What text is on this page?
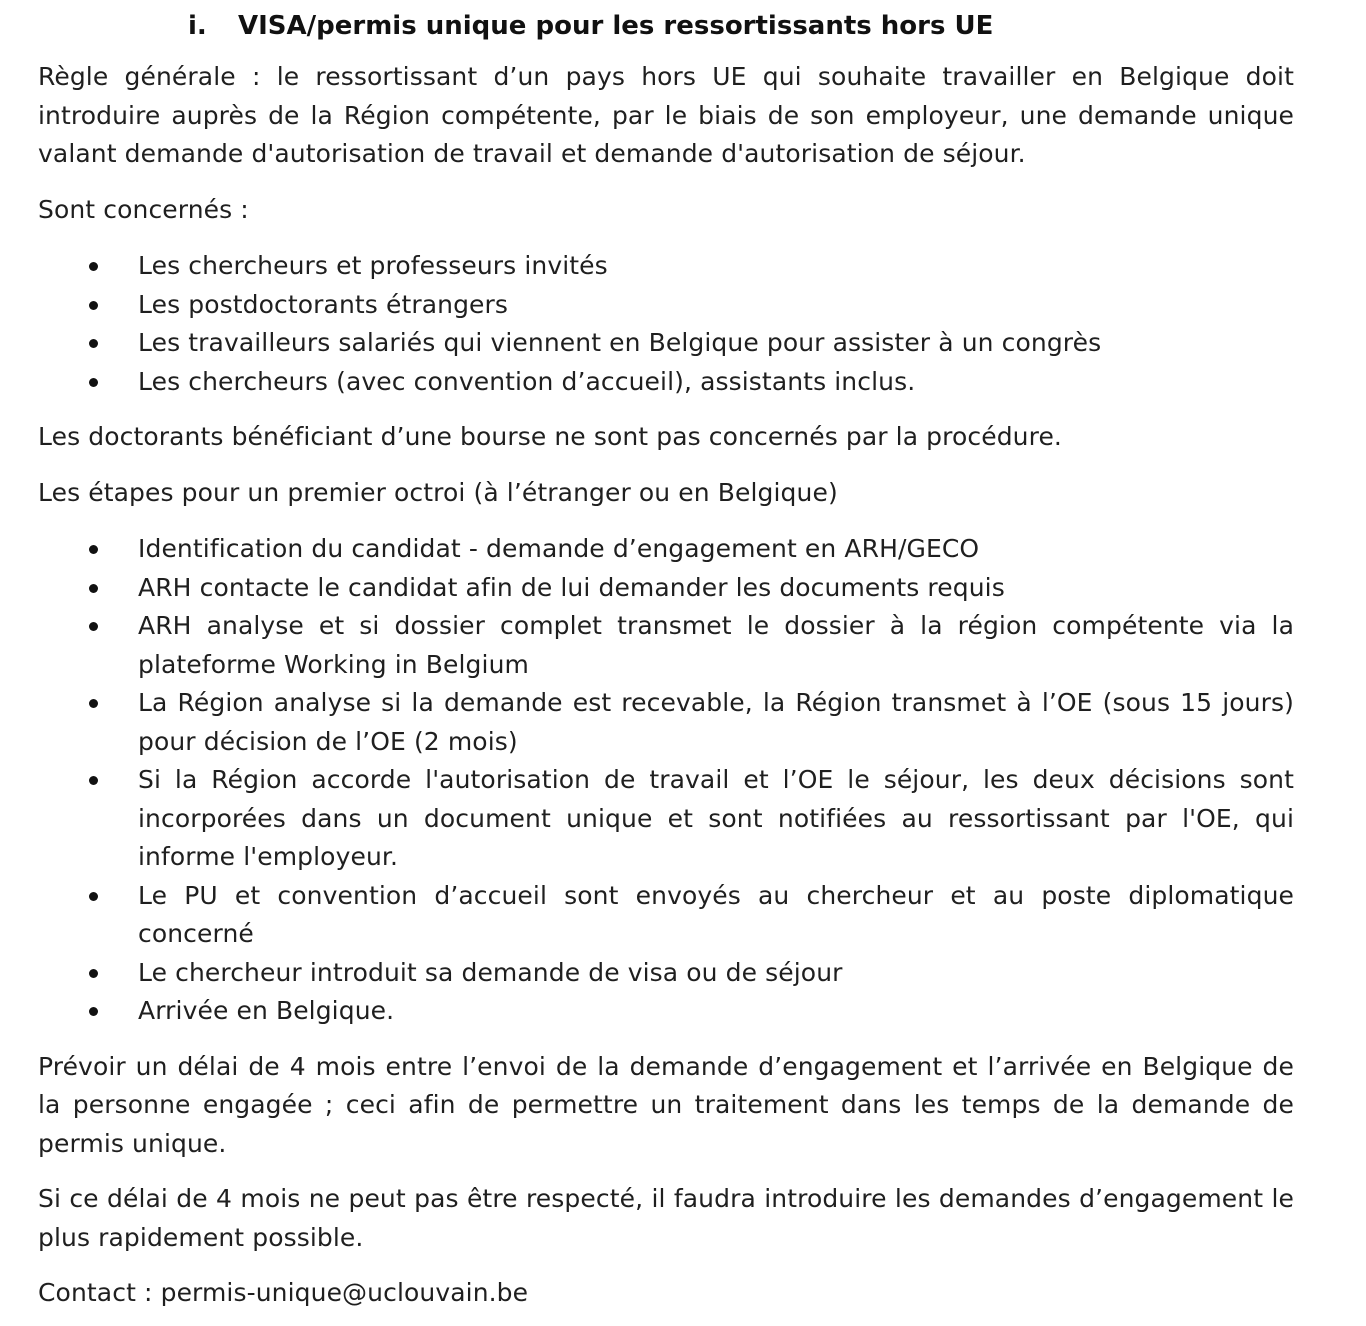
i.	VISA/permis unique pour les ressortissants hors UE

Règle générale : le ressortissant d’un pays hors UE qui souhaite travailler en Belgique doit introduire auprès de la Région compétente, par le biais de son employeur, une demande unique valant demande d'autorisation de travail et demande d'autorisation de séjour.

Sont concernés :

Les chercheurs et professeurs invités
Les postdoctorants étrangers
Les travailleurs salariés qui viennent en Belgique pour assister à un congrès
Les chercheurs (avec convention d’accueil), assistants inclus.

Les doctorants bénéficiant d’une bourse ne sont pas concernés par la procédure.

Les étapes pour un premier octroi (à l’étranger ou en Belgique)

Identification du candidat - demande d’engagement en ARH/GECO
ARH contacte le candidat afin de lui demander les documents requis
ARH analyse et si dossier complet transmet le dossier à la région compétente via la plateforme Working in Belgium
La Région analyse si la demande est recevable, la Région transmet à l’OE (sous 15 jours) pour décision de l’OE (2 mois)
Si la Région accorde l'autorisation de travail et l’OE le séjour, les deux décisions sont incorporées dans un document unique et sont notifiées au ressortissant par l'OE, qui informe l'employeur.
Le PU et convention d’accueil sont envoyés au chercheur et au poste diplomatique concerné
Le chercheur introduit sa demande de visa ou de séjour
Arrivée en Belgique.

Prévoir un délai de 4 mois entre l’envoi de la demande d’engagement et l’arrivée en Belgique de la personne engagée ; ceci afin de permettre un traitement dans les temps de la demande de permis unique.

Si ce délai de 4 mois ne peut pas être respecté, il faudra introduire les demandes d’engagement le plus rapidement possible.

Contact : permis-unique@uclouvain.be
